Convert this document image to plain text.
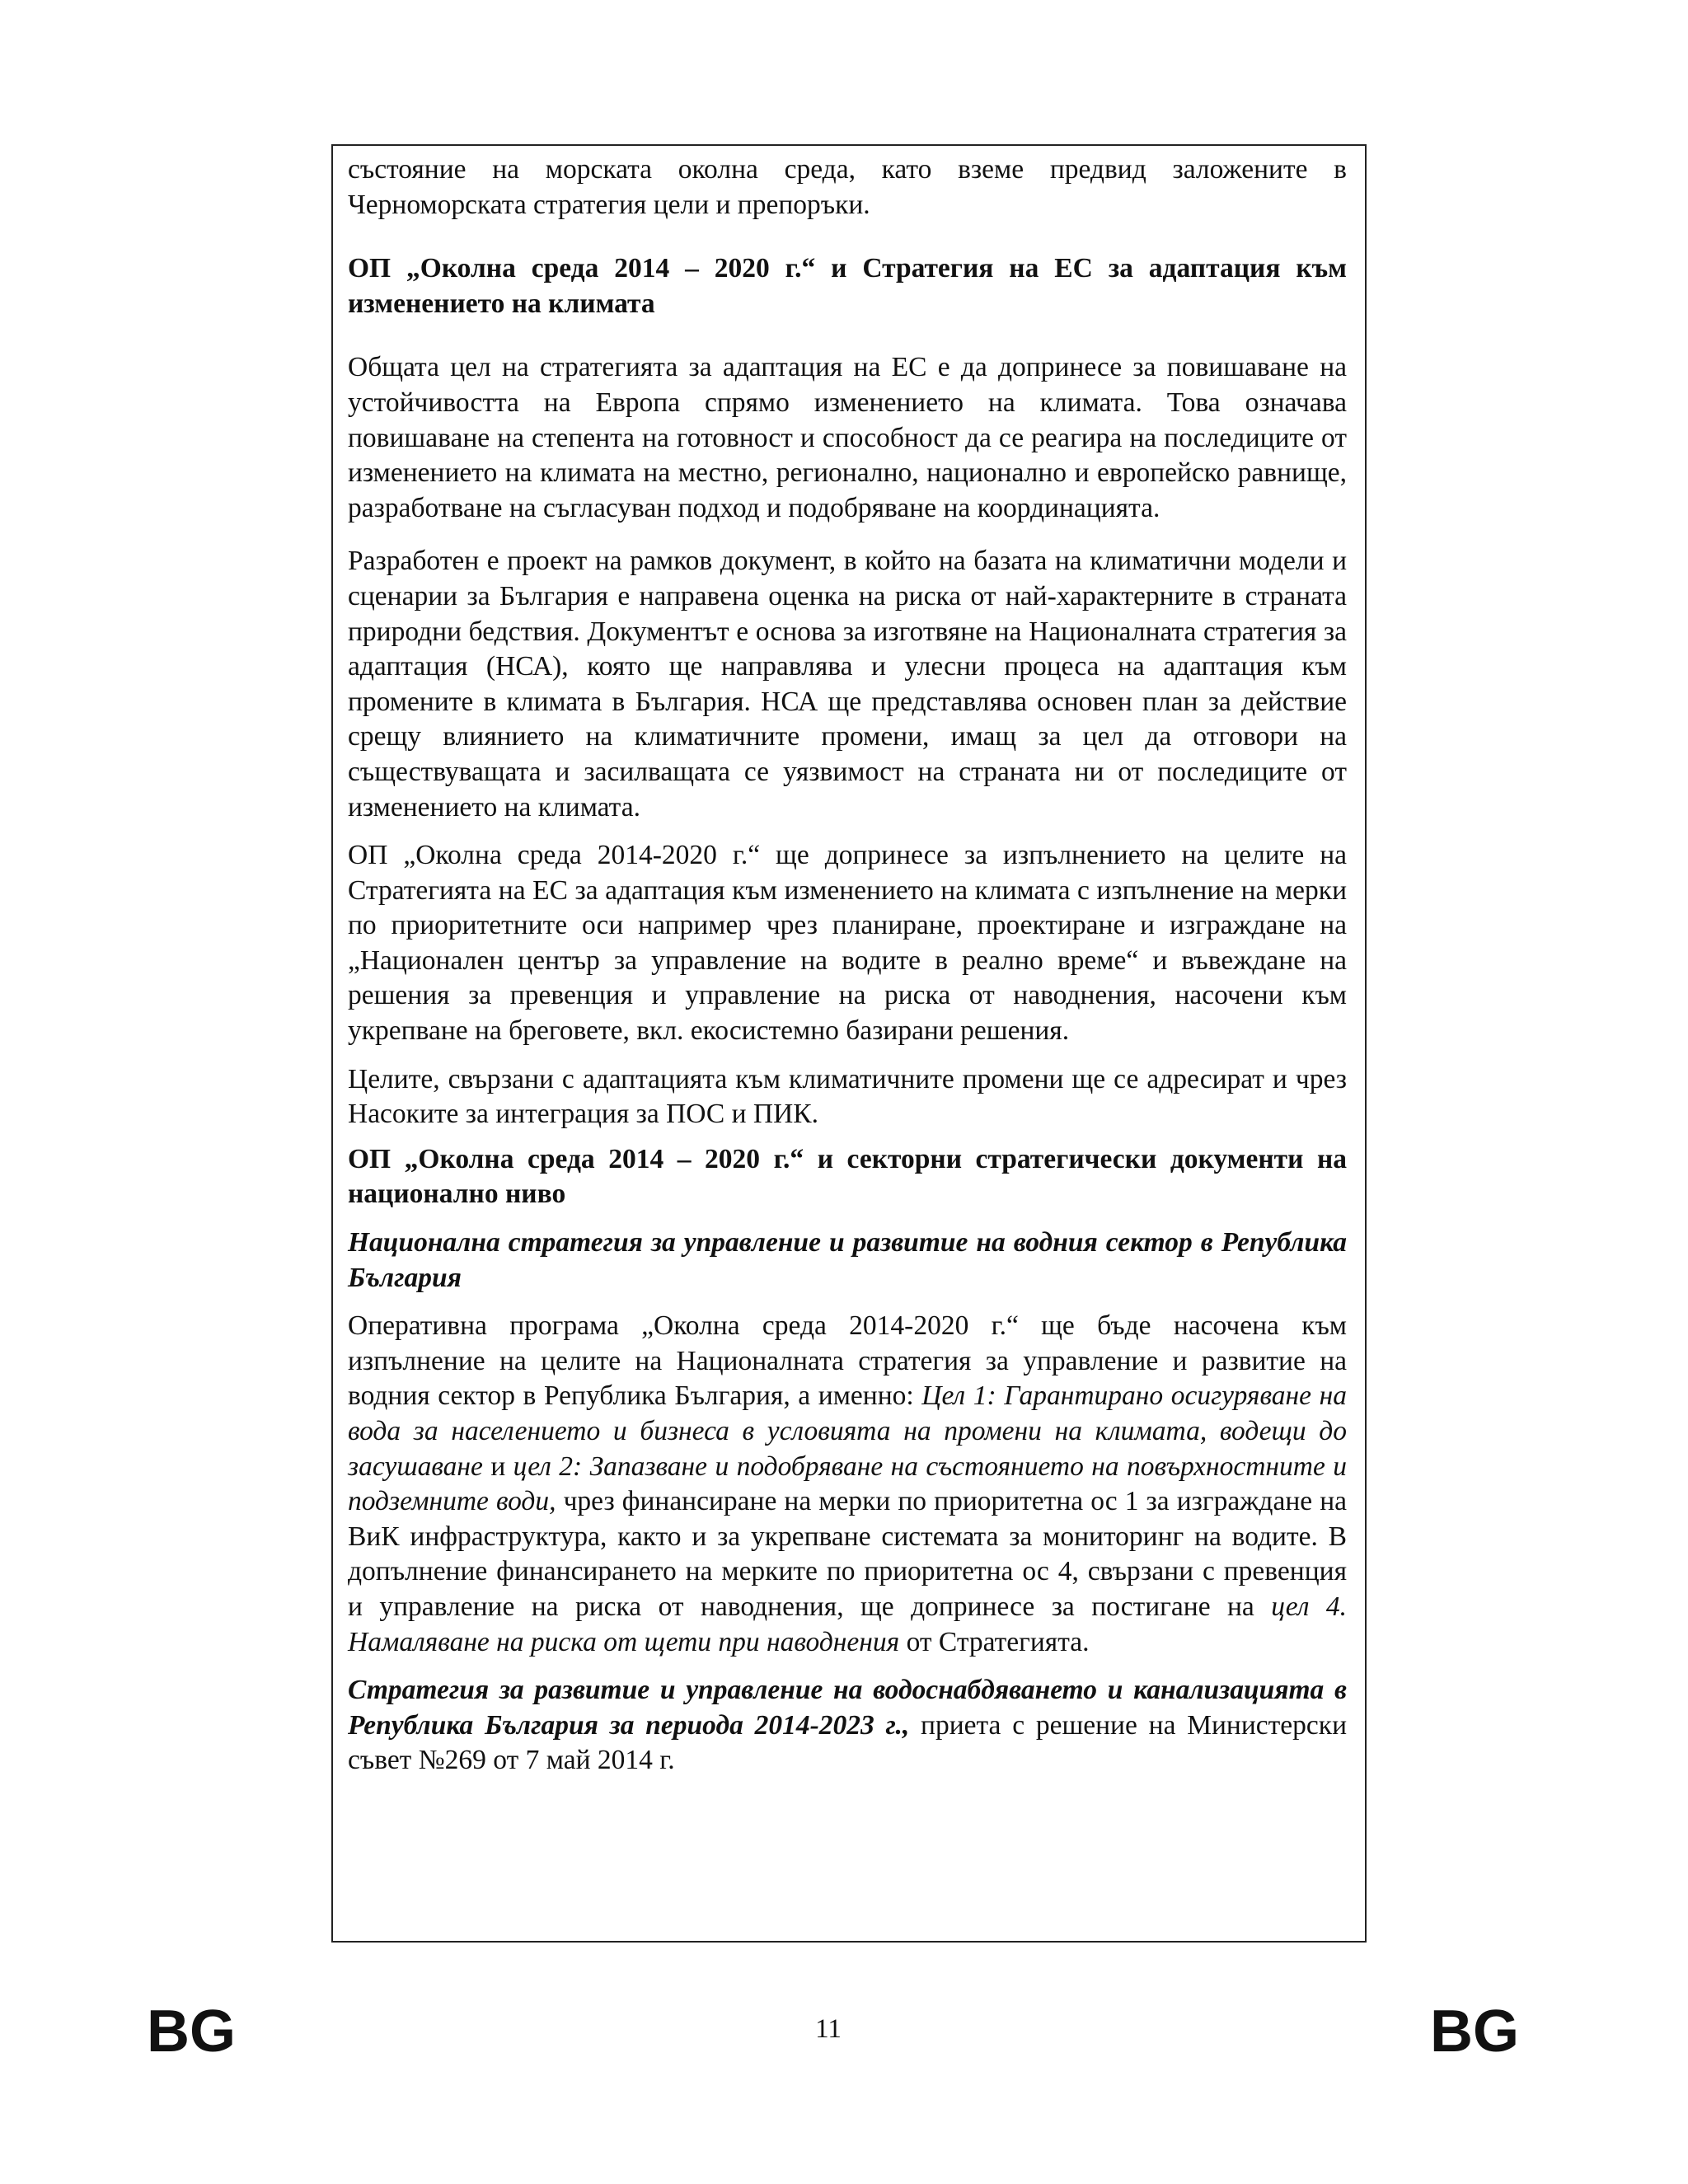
състояние на морската околна среда, като вземе предвид заложените в Черноморската стратегия цели и препоръки.

ОП „Околна среда 2014 – 2020 г.“ и Стратегия на ЕС за адаптация към изменението на климата

Общата цел на стратегията за адаптация на ЕС е да допринесе за повишаване на устойчивостта на Европа спрямо изменението на климата. Това означава повишаване на степента на готовност и способност да се реагира на последиците от изменението на климата на местно, регионално, национално и европейско равнище, разработване на съгласуван подход и подобряване на координацията.

Разработен е проект на рамков документ, в който на базата на климатични модели и сценарии за България е направена оценка на риска от най-характерните в страната природни бедствия. Документът е основа за изготвяне на Националната стратегия за адаптация (НСА), която ще направлява и улесни процеса на адаптация към промените в климата в България. НСА ще представлява основен план за действие срещу влиянието на климатичните промени, имащ за цел да отговори на съществуващата и засилващата се уязвимост на страната ни от последиците от изменението на климата.

ОП „Околна среда 2014-2020 г.“ ще допринесе за изпълнението на целите на Стратегията на ЕС за адаптация към изменението на климата с изпълнение на мерки по приоритетните оси например чрез планиране, проектиране и изграждане на „Национален център за управление на водите в реално време“ и въвеждане на решения за превенция и управление на риска от наводнения, насочени към укрепване на бреговете, вкл. екосистемно базирани решения.

Целите, свързани с адаптацията към климатичните промени ще се адресират и чрез Насоките за интеграция за ПОС и ПИК.

ОП „Околна среда 2014 – 2020 г.“ и секторни стратегически документи на национално ниво

Национална стратегия за управление и развитие на водния сектор в Република България

Оперативна програма „Околна среда 2014-2020 г.“ ще бъде насочена към изпълнение на целите на Националната стратегия за управление и развитие на водния сектор в Република България, а именно: Цел 1: Гарантирано осигуряване на вода за населението и бизнеса в условията на промени на климата, водещи до засушаване и цел 2: Запазване и подобряване на състоянието на повърхностните и подземните води, чрез финансиране на мерки по приоритетна ос 1 за изграждане на ВиК инфраструктура, както и за укрепване системата за мониторинг на водите. В допълнение финансирането на мерките по приоритетна ос 4, свързани с превенция и управление на риска от наводнения, ще допринесе за постигане на цел 4. Намаляване на риска от щети при наводнения от Стратегията.

Стратегия за развитие и управление на водоснабдяването и канализацията в Република България за периода 2014-2023 г., приета с решение на Министерски съвет №269 от 7 май 2014 г.

BG	11	BG
